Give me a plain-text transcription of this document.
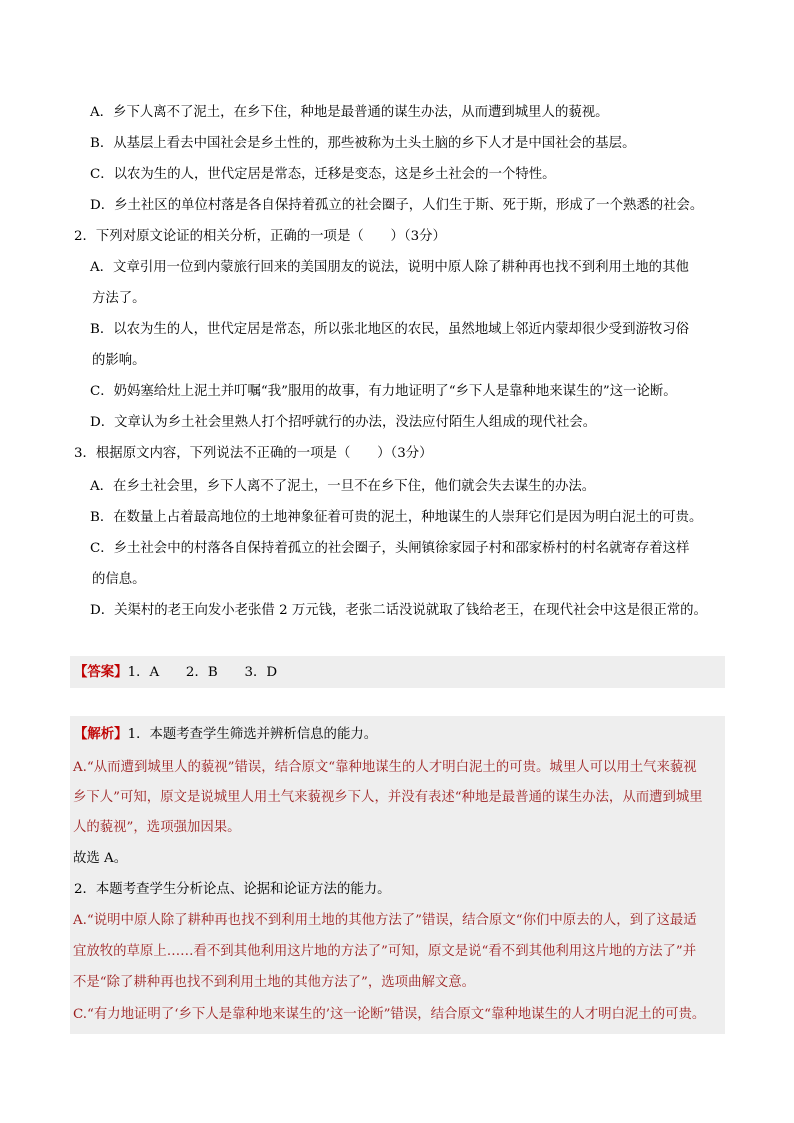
A．乡下人离不了泥土，在乡下住，种地是最普通的谋生办法，从而遭到城里人的藐视。
B．从基层上看去中国社会是乡土性的，那些被称为土头土脑的乡下人才是中国社会的基层。
C．以农为生的人，世代定居是常态，迁移是变态，这是乡土社会的一个特性。
D．乡土社区的单位村落是各自保持着孤立的社会圈子，人们生于斯、死于斯，形成了一个熟悉的社会。
2．下列对原文论证的相关分析，正确的一项是（　　）（3分）
A．文章引用一位到内蒙旅行回来的美国朋友的说法，说明中原人除了耕种再也找不到利用土地的其他
方法了。
B．以农为生的人，世代定居是常态，所以张北地区的农民，虽然地域上邻近内蒙却很少受到游牧习俗
的影响。
C．奶妈塞给灶上泥土并叮嘱“我”服用的故事，有力地证明了“乡下人是靠种地来谋生的”这一论断。
D．文章认为乡土社会里熟人打个招呼就行的办法，没法应付陌生人组成的现代社会。
3．根据原文内容，下列说法不正确的一项是（　　）（3分）
A．在乡土社会里，乡下人离不了泥土，一旦不在乡下住，他们就会失去谋生的办法。
B．在数量上占着最高地位的土地神象征着可贵的泥土，种地谋生的人崇拜它们是因为明白泥土的可贵。
C．乡土社会中的村落各自保持着孤立的社会圈子，头闸镇徐家园子村和邵家桥村的村名就寄存着这样
的信息。
D．关渠村的老王向发小老张借 2 万元钱，老张二话没说就取了钱给老王，在现代社会中这是很正常的。
【答案】1．A　　2．B　　3．D
【解析】1．本题考查学生筛选并辨析信息的能力。
A.“从而遭到城里人的藐视”错误，结合原文“靠种地谋生的人才明白泥土的可贵。城里人可以用土气来藐视
乡下人”可知，原文是说城里人用土气来藐视乡下人，并没有表述“种地是最普通的谋生办法，从而遭到城里
人的藐视”，选项强加因果。
故选 A。
2．本题考查学生分析论点、论据和论证方法的能力。
A.“说明中原人除了耕种再也找不到利用土地的其他方法了”错误，结合原文“你们中原去的人，到了这最适
宜放牧的草原上……看不到其他利用这片地的方法了”可知，原文是说“看不到其他利用这片地的方法了”并
不是“除了耕种再也找不到利用土地的其他方法了”，选项曲解文意。
C.“有力地证明了‘乡下人是靠种地来谋生的’这一论断”错误，结合原文“靠种地谋生的人才明白泥土的可贵。
